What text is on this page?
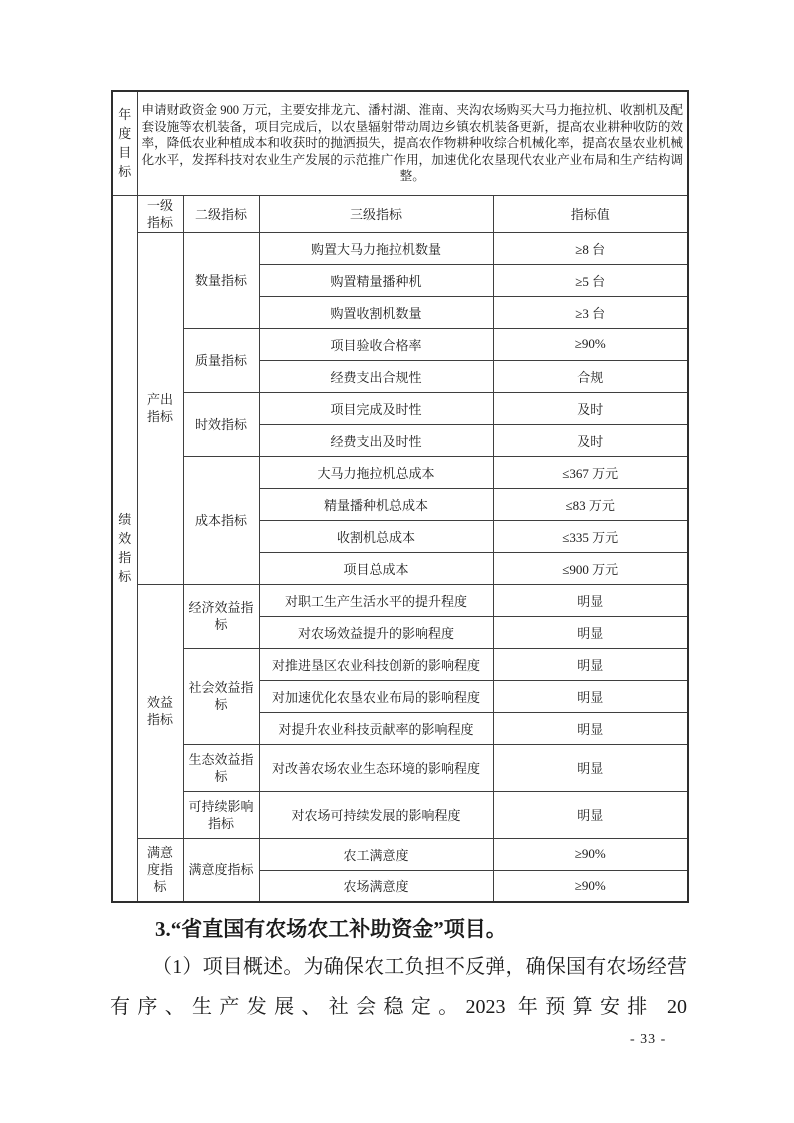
年度目标	申请财政资金 900 万元，主要安排龙亢、潘村湖、淮南、夹沟农场购买大马力拖拉机、收割机及配套设施等农机装备，项目完成后，以农垦辐射带动周边乡镇农机装备更新，提高农业耕种收防的效率，降低农业种植成本和收获时的抛洒损失，提高农作物耕种收综合机械化率，提高农垦农业机械化水平，发挥科技对农业生产发展的示范推广作用，加速优化农垦现代农业产业布局和生产结构调整。			

绩效指标	一级指标	二级指标	三级指标	指标值

	产出指标	数量指标	购置大马力拖拉机数量	≥8 台
			购置精量播种机	≥5 台
			购置收割机数量	≥3 台
		质量指标	项目验收合格率	≥90%
			经费支出合规性	合规
		时效指标	项目完成及时性	及时
			经费支出及时性	及时
		成本指标	大马力拖拉机总成本	≤367 万元
			精量播种机总成本	≤83 万元
			收割机总成本	≤335 万元
			项目总成本	≤900 万元

	效益指标	经济效益指标	对职工生产生活水平的提升程度	明显
			对农场效益提升的影响程度	明显
		社会效益指标	对推进垦区农业科技创新的影响程度	明显
			对加速优化农垦农业布局的影响程度	明显
			对提升农业科技贡献率的影响程度	明显
		生态效益指标	对改善农场农业生态环境的影响程度	明显
		可持续影响指标	对农场可持续发展的影响程度	明显

	满意度指标	满意度指标	农工满意度	≥90%
			农场满意度	≥90%
3.“省直国有农场农工补助资金”项目。
（1）项目概述。为确保农工负担不反弹，确保国有农场经营有序、生产发展、社会稳定。2023 年预算安排 20
- 33 -
